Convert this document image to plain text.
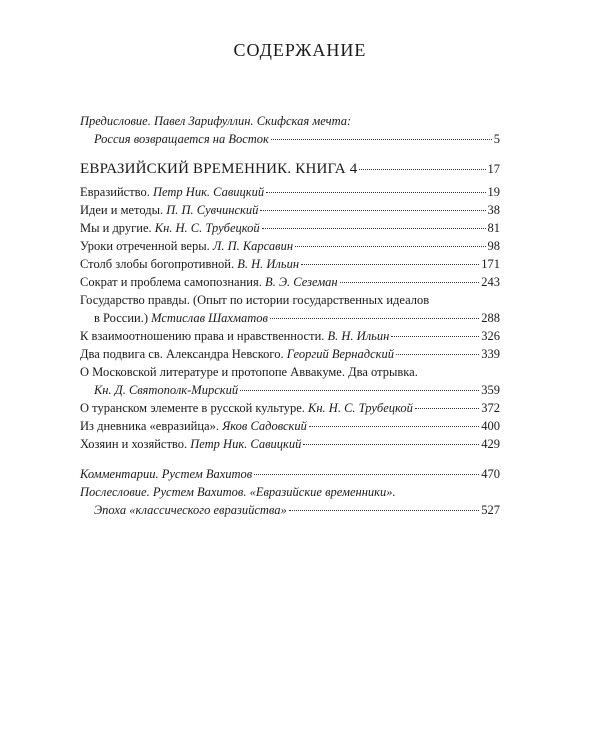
СОДЕРЖАНИЕ
Предисловие. Павел Зарифуллин. Скифская мечта:
Россия возвращается на Восток	5
ЕВРАЗИЙСКИЙ ВРЕМЕННИК. КНИГА 4	17
Евразийство. Петр Ник. Савицкий	19
Идеи и методы. П. П. Сувчинский	38
Мы и другие. Кн. Н. С. Трубецкой	81
Уроки отреченной веры. Л. П. Карсавин	98
Столб злобы богопротивной. В. Н. Ильин	171
Сократ и проблема самопознания. В. Э. Сеземан	243
Государство правды. (Опыт по истории государственных идеалов
в России.) Мстислав Шахматов	288
К взаимоотношению права и нравственности. В. Н. Ильин	326
Два подвига св. Александра Невского. Георгий Вернадский	339
О Московской литературе и протопопе Аввакуме. Два отрывка.
Кн. Д. Святополк-Мирский	359
О туранском элементе в русской культуре. Кн. Н. С. Трубецкой	372
Из дневника «евразийца». Яков Садовский	400
Хозяин и хозяйство. Петр Ник. Савицкий	429
Комментарии. Рустем Вахитов	470
Послесловие. Рустем Вахитов. «Евразийские временники».
Эпоха «классического евразийства»	527
